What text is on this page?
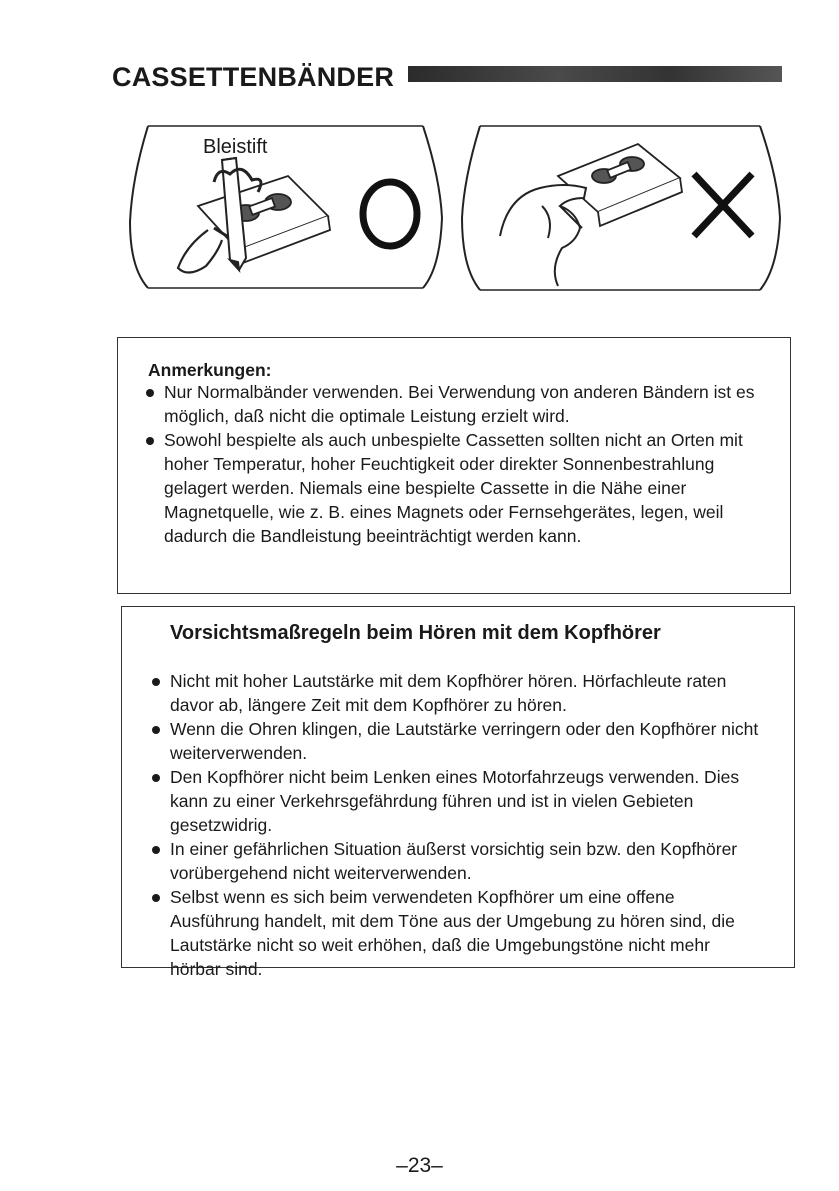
CASSETTENBÄNDER
Bleistift
Anmerkungen:
Nur Normalbänder verwenden. Bei Verwendung von anderen Bändern ist es möglich, daß nicht die optimale Leistung erzielt wird.
Sowohl bespielte als auch unbespielte Cassetten sollten nicht an Orten mit hoher Temperatur, hoher Feuchtigkeit oder direkter Sonnenbestrahlung gelagert werden. Niemals eine bespielte Cassette in die Nähe einer Magnetquelle, wie z. B. eines Magnets oder Fernsehgerätes, legen, weil dadurch die Bandleistung beeinträchtigt werden kann.
Vorsichtsmaßregeln beim Hören mit dem Kopfhörer
Nicht mit hoher Lautstärke mit dem Kopfhörer hören. Hörfachleute raten davor ab, längere Zeit mit dem Kopfhörer zu hören.
Wenn die Ohren klingen, die Lautstärke verringern oder den Kopfhörer nicht weiterverwenden.
Den Kopfhörer nicht beim Lenken eines Motorfahrzeugs verwenden. Dies kann zu einer Verkehrsgefährdung führen und ist in vielen Gebieten gesetzwidrig.
In einer gefährlichen Situation äußerst vorsichtig sein bzw. den Kopfhörer vorübergehend nicht weiterverwenden.
Selbst wenn es sich beim verwendeten Kopfhörer um eine offene Ausführung handelt, mit dem Töne aus der Umgebung zu hören sind, die Lautstärke nicht so weit erhöhen, daß die Umgebungstöne nicht mehr hörbar sind.
–23–
